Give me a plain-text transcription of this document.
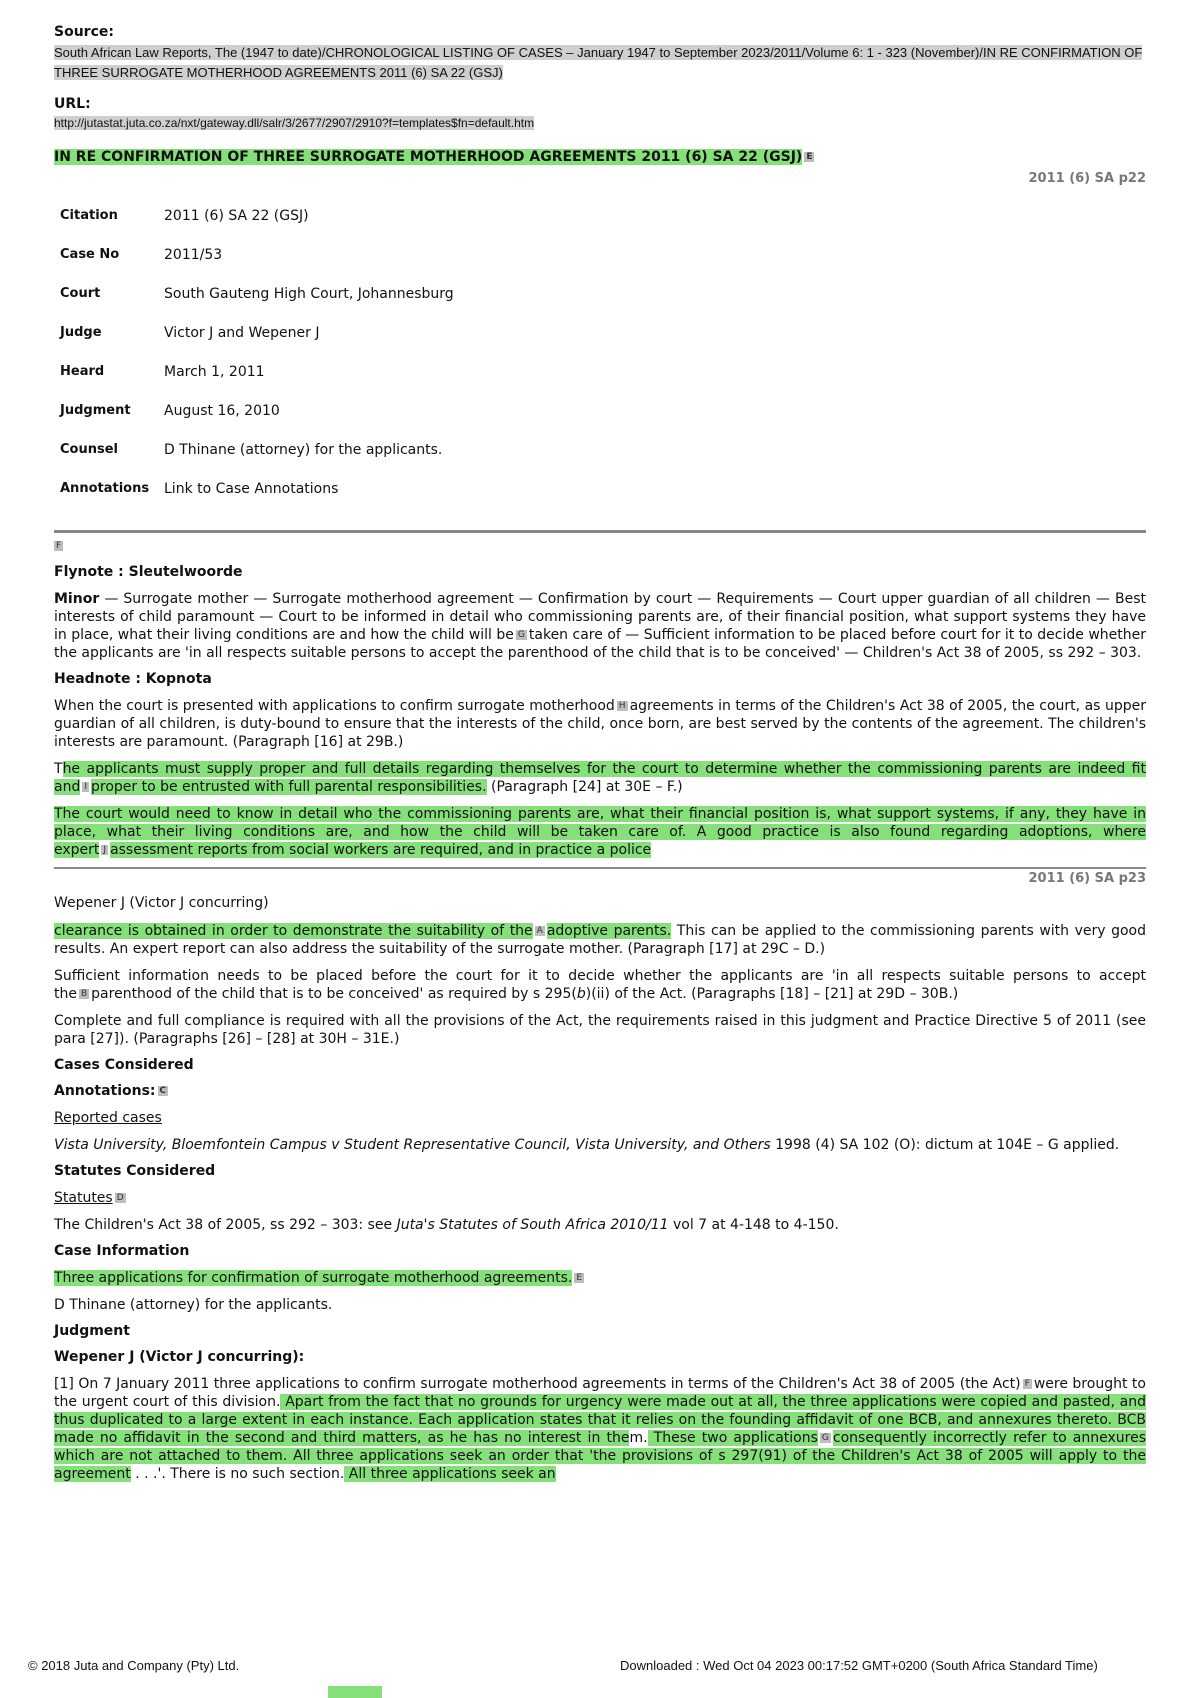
Source:

South African Law Reports, The (1947 to date)/CHRONOLOGICAL LISTING OF CASES – January 1947 to September 2023/2011/Volume 6: 1 - 323 (November)/IN RE CONFIRMATION OF THREE SURROGATE MOTHERHOOD AGREEMENTS 2011 (6) SA 22 (GSJ)

URL:

http://jutastat.juta.co.za/nxt/gateway.dll/salr/3/2677/2907/2910?f=templates$fn=default.htm
IN RE CONFIRMATION OF THREE SURROGATE MOTHERHOOD AGREEMENTS 2011 (6) SA 22 (GSJ) E

2011 (6) SA p22

Citation	2011 (6) SA 22 (GSJ)
Case No	2011/53
Court	South Gauteng High Court, Johannesburg
Judge	Victor J and Wepener J
Heard	March 1, 2011
Judgment	August 16, 2010
Counsel	D Thinane (attorney) for the applicants.
Annotations	Link to Case Annotations
F
Flynote : Sleutelwoorde

Minor — Surrogate mother — Surrogate motherhood agreement — Confirmation by court — Requirements — Court upper guardian of all children — Best interests of child paramount — Court to be informed in detail who commissioning parents are, of their financial position, what support systems they have in place, what their living conditions are and how the child will be G taken care of — Sufficient information to be placed before court for it to decide whether the applicants are 'in all respects suitable persons to accept the parenthood of the child that is to be conceived' — Children's Act 38 of 2005, ss 292 – 303.

Headnote : Kopnota

When the court is presented with applications to confirm surrogate motherhood H agreements in terms of the Children's Act 38 of 2005, the court, as upper guardian of all children, is duty-bound to ensure that the interests of the child, once born, are best served by the contents of the agreement. The children's interests are paramount. (Paragraph [16] at 29B.)

The applicants must supply proper and full details regarding themselves for the court to determine whether the commissioning parents are indeed fit and I proper to be entrusted with full parental responsibilities. (Paragraph [24] at 30E – F.)

The court would need to know in detail who the commissioning parents are, what their financial position is, what support systems, if any, they have in place, what their living conditions are, and how the child will be taken care of. A good practice is also found regarding adoptions, where expert J assessment reports from social workers are required, and in practice a police

2011 (6) SA p23

Wepener J (Victor J concurring)

clearance is obtained in order to demonstrate the suitability of the A adoptive parents. This can be applied to the commissioning parents with very good results. An expert report can also address the suitability of the surrogate mother. (Paragraph [17] at 29C – D.)

Sufficient information needs to be placed before the court for it to decide whether the applicants are 'in all respects suitable persons to accept the B parenthood of the child that is to be conceived' as required by s 295(b)(ii) of the Act. (Paragraphs [18] – [21] at 29D – 30B.)

Complete and full compliance is required with all the provisions of the Act, the requirements raised in this judgment and Practice Directive 5 of 2011 (see para [27]). (Paragraphs [26] – [28] at 30H – 31E.)

Cases Considered
Annotations: C

Reported cases

Vista University, Bloemfontein Campus v Student Representative Council, Vista University, and Others 1998 (4) SA 102 (O): dictum at 104E – G applied.

Statutes Considered

Statutes D

The Children's Act 38 of 2005, ss 292 – 303: see Juta's Statutes of South Africa 2010/11 vol 7 at 4-148 to 4-150.

Case Information

Three applications for confirmation of surrogate motherhood agreements. E

D Thinane (attorney) for the applicants.

Judgment
Wepener J (Victor J concurring):

[1] On 7 January 2011 three applications to confirm surrogate motherhood agreements in terms of the Children's Act 38 of 2005 (the Act) F were brought to the urgent court of this division. Apart from the fact that no grounds for urgency were made out at all, the three applications were copied and pasted, and thus duplicated to a large extent in each instance. Each application states that it relies on the founding affidavit of one BCB, and annexures thereto. BCB made no affidavit in the second and third matters, as he has no interest in them. These two applications G consequently incorrectly refer to annexures which are not attached to them. All three applications seek an order that 'the provisions of s 297(91) of the Children's Act 38 of 2005 will apply to the agreement . . .'. There is no such section. All three applications seek an

© 2018 Juta and Company (Pty) Ltd.	Downloaded : Wed Oct 04 2023 00:17:52 GMT+0200 (South Africa Standard Time)
